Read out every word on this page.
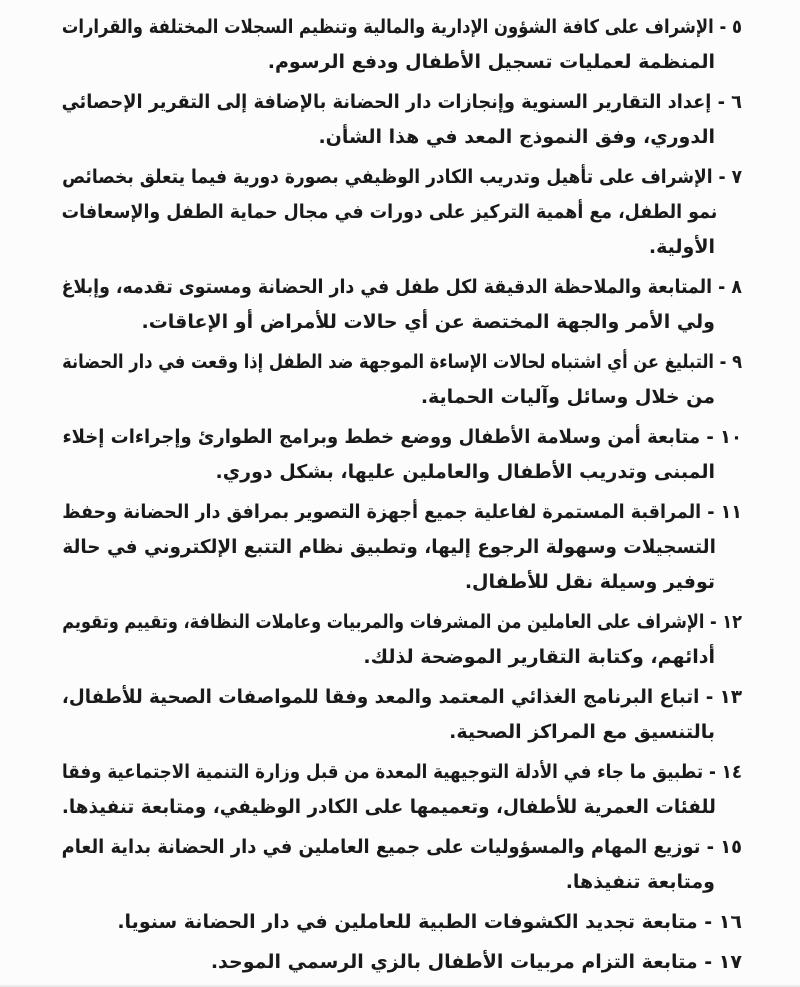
٥ - الإشراف على كافة الشؤون الإدارية والمالية وتنظيم السجلات المختلفة والقرارات
المنظمة لعمليات تسجيل الأطفال ودفع الرسوم.
٦ - إعداد التقارير السنوية وإنجازات دار الحضانة بالإضافة إلى التقرير الإحصائي
الدوري، وفق النموذج المعد في هذا الشأن.
٧ - الإشراف على تأهيل وتدريب الكادر الوظيفي بصورة دورية فيما يتعلق بخصائص
نمو الطفل، مع أهمية التركيز على دورات في مجال حماية الطفل والإسعافات
الأولية.
٨ - المتابعة والملاحظة الدقيقة لكل طفل في دار الحضانة ومستوى تقدمه، وإبلاغ
ولي الأمر والجهة المختصة عن أي حالات للأمراض أو الإعاقات.
٩ - التبليغ عن أي اشتباه لحالات الإساءة الموجهة ضد الطفل إذا وقعت في دار الحضانة
من خلال وسائل وآليات الحماية.
١٠ - متابعة أمن وسلامة الأطفال ووضع خطط وبرامج الطوارئ وإجراءات إخلاء
المبنى وتدريب الأطفال والعاملين عليها، بشكل دوري.
١١ - المراقبة المستمرة لفاعلية جميع أجهزة التصوير بمرافق دار الحضانة وحفظ
التسجيلات وسهولة الرجوع إليها، وتطبيق نظام التتبع الإلكتروني في حالة
توفير وسيلة نقل للأطفال.
١٢ - الإشراف على العاملين من المشرفات والمربيات وعاملات النظافة، وتقييم وتقويم
أدائهم، وكتابة التقارير الموضحة لذلك.
١٣ - اتباع البرنامج الغذائي المعتمد والمعد وفقا للمواصفات الصحية للأطفال،
بالتنسيق مع المراكز الصحية.
١٤ - تطبيق ما جاء في الأدلة التوجيهية المعدة من قبل وزارة التنمية الاجتماعية وفقا
للفئات العمرية للأطفال، وتعميمها على الكادر الوظيفي، ومتابعة تنفيذها.
١٥ - توزيع المهام والمسؤوليات على جميع العاملين في دار الحضانة بداية العام
ومتابعة تنفيذها.
١٦ - متابعة تجديد الكشوفات الطبية للعاملين في دار الحضانة سنويا.
١٧ - متابعة التزام مربيات الأطفال بالزي الرسمي الموحد.
